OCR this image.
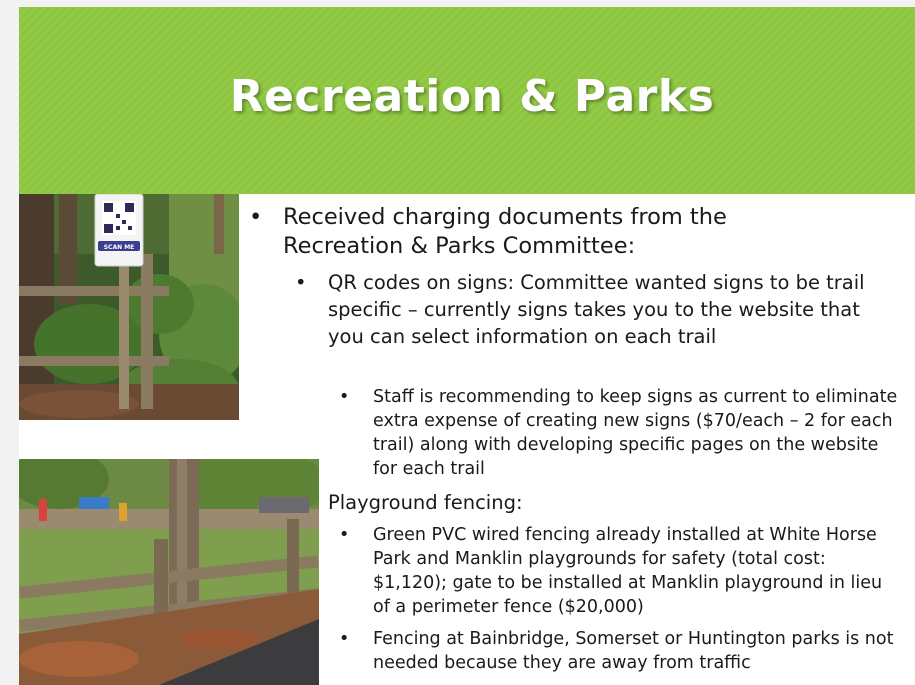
Recreation & Parks
SCAN ME
• Received charging documents from the Recreation & Parks Committee:
• QR codes on signs: Committee wanted signs to be trail specific – currently signs takes you to the website that you can select information on each trail
• Staff is recommending to keep signs as current to eliminate extra expense of creating new signs ($70/each – 2 for each trail) along with developing specific pages on the website for each trail
Playground fencing:
• Green PVC wired fencing already installed at White Horse Park and Manklin playgrounds for safety (total cost: $1,120); gate to be installed at Manklin playground in lieu of a perimeter fence ($20,000)
• Fencing at Bainbridge, Somerset or Huntington parks is not needed because they are away from traffic
